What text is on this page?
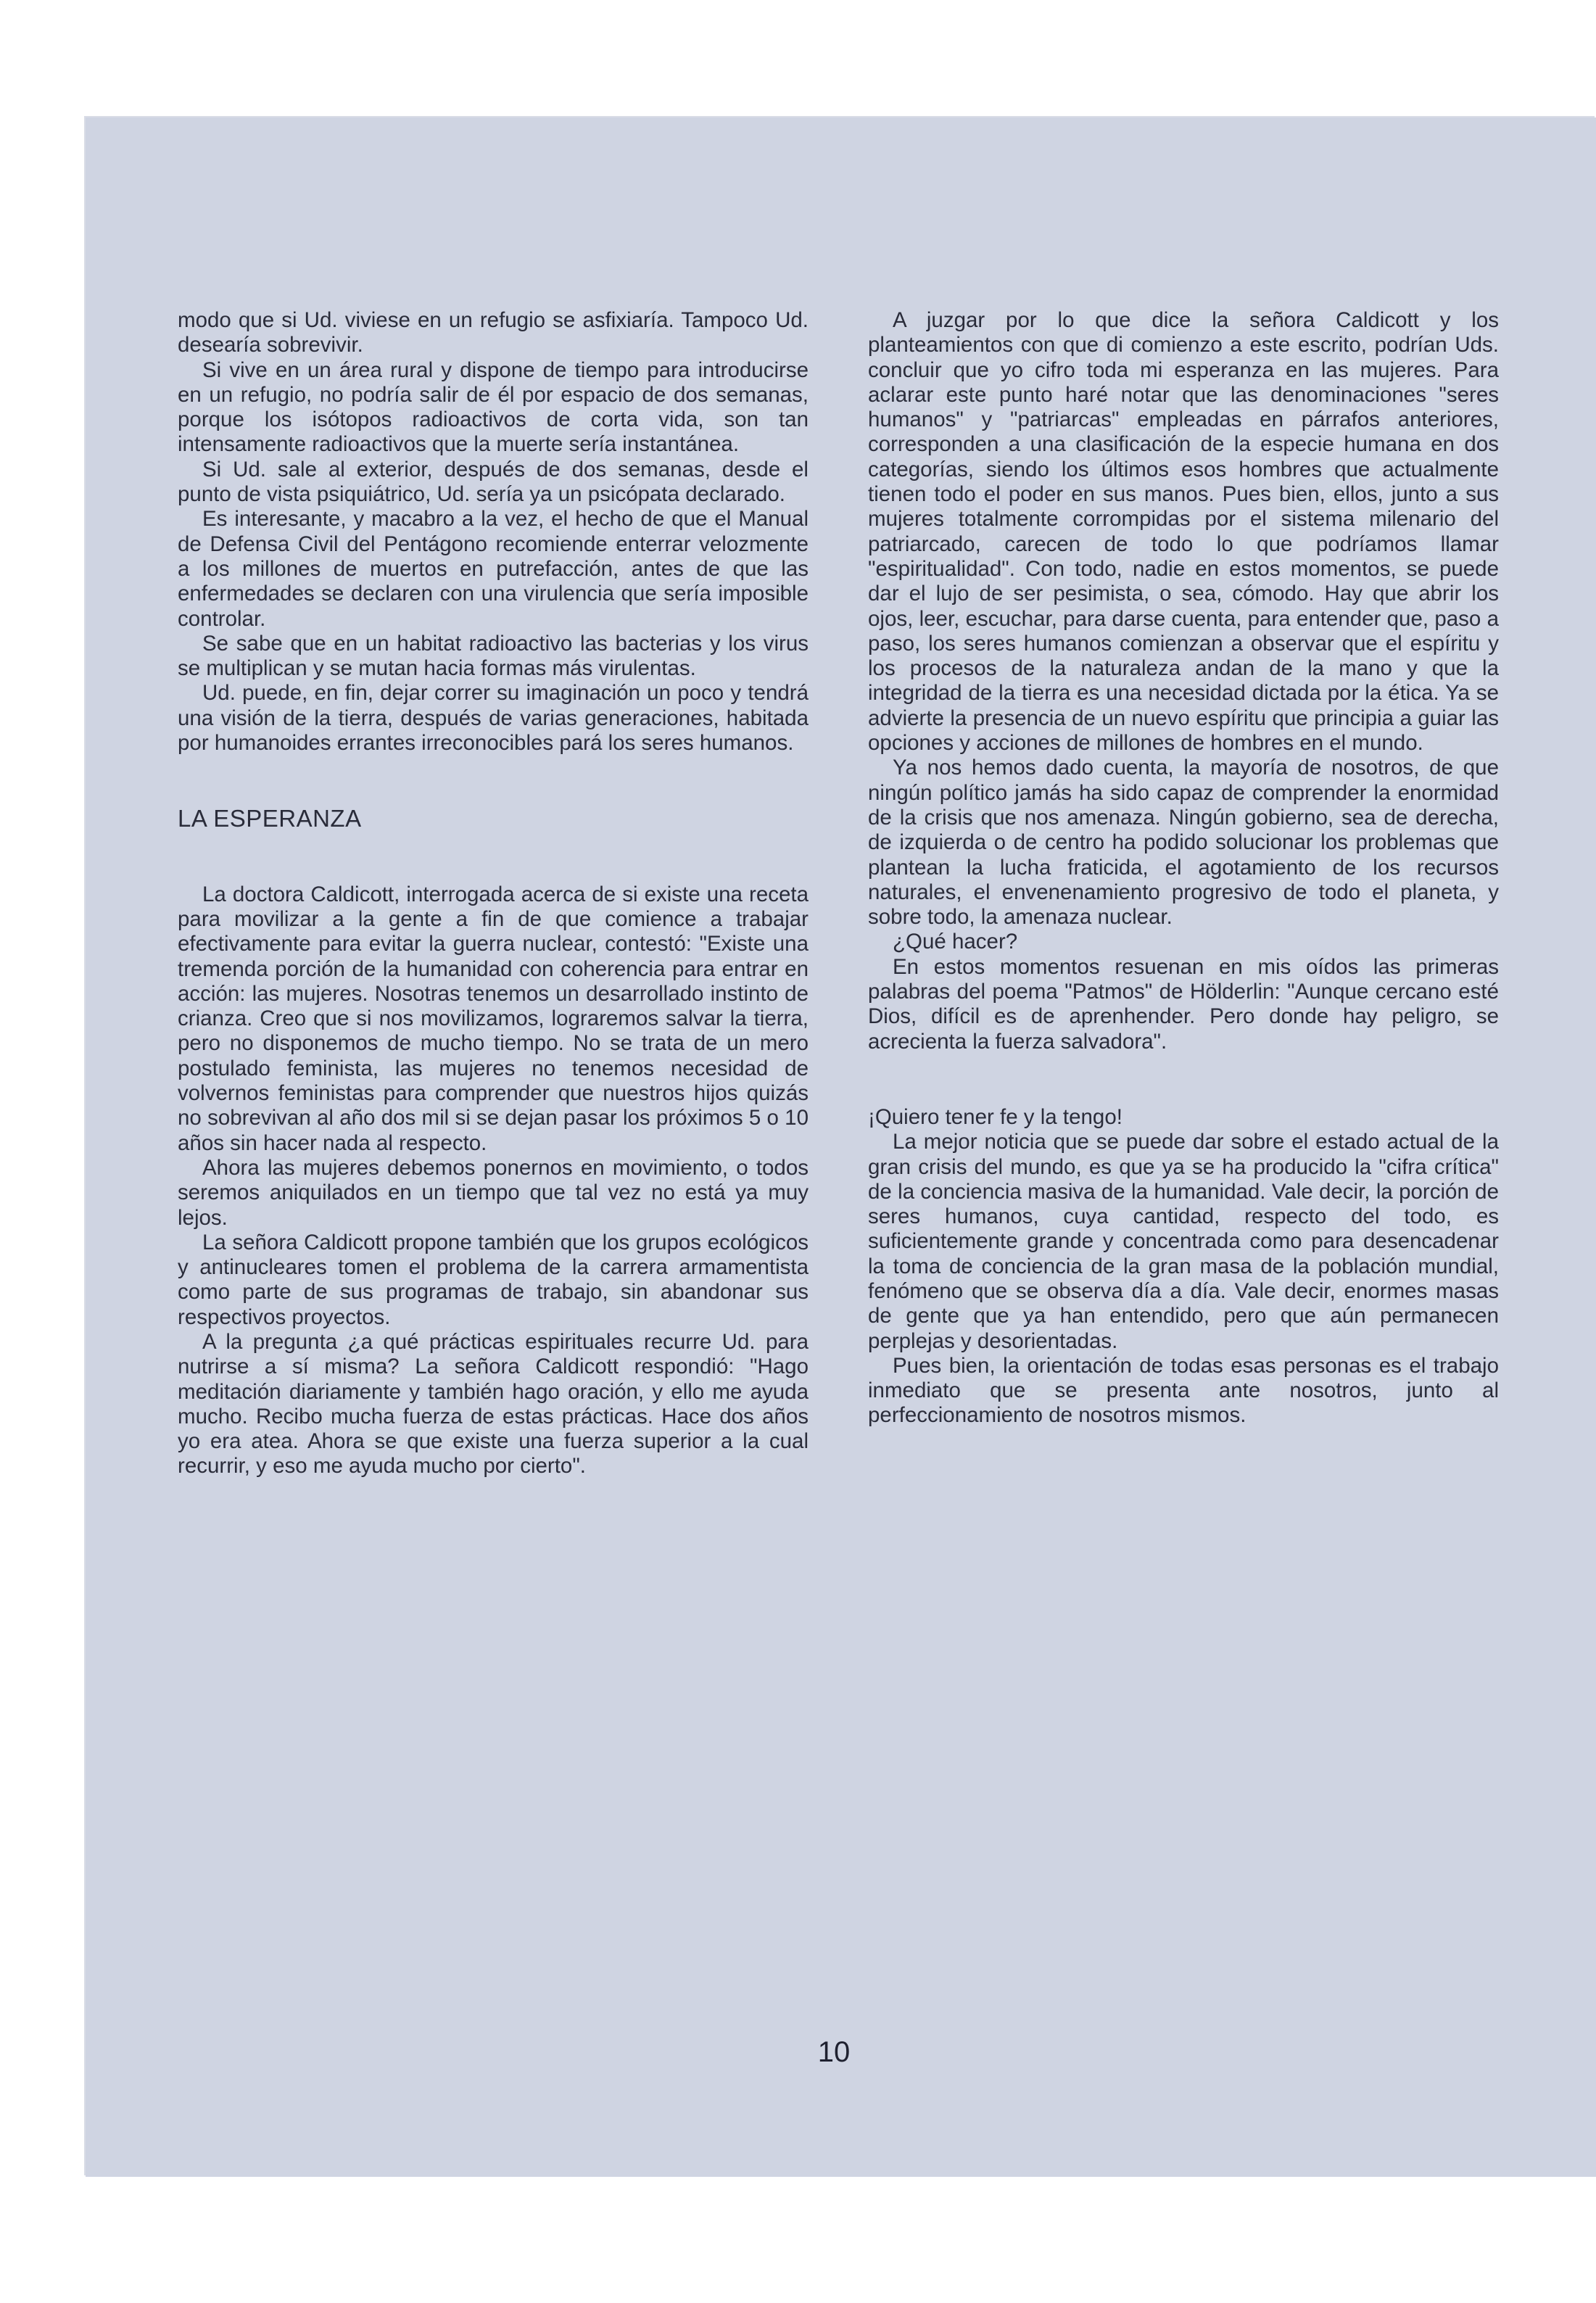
modo que si Ud. viviese en un refugio se asfixiaría. Tampoco Ud. desearía sobrevivir.

Si vive en un área rural y dispone de tiempo para introducirse en un refugio, no podría salir de él por espacio de dos semanas, porque los isótopos radioactivos de corta vida, son tan intensamente radioactivos que la muerte sería instantánea.

Si Ud. sale al exterior, después de dos semanas, desde el punto de vista psiquiátrico, Ud. sería ya un psicópata declarado.

Es interesante, y macabro a la vez, el hecho de que el Manual de Defensa Civil del Pentágono recomiende enterrar velozmente a los millones de muertos en putrefacción, antes de que las enfermedades se declaren con una virulencia que sería imposible controlar.

Se sabe que en un habitat radioactivo las bacterias y los virus se multiplican y se mutan hacia formas más virulentas.

Ud. puede, en fin, dejar correr su imaginación un poco y tendrá una visión de la tierra, después de varias generaciones, habitada por humanoides errantes irreconocibles pará los seres humanos.

LA ESPERANZA

La doctora Caldicott, interrogada acerca de si existe una receta para movilizar a la gente a fin de que comience a trabajar efectivamente para evitar la guerra nuclear, contestó: "Existe una tremenda porción de la humanidad con coherencia para entrar en acción: las mujeres. Nosotras tenemos un desarrollado instinto de crianza. Creo que si nos movilizamos, lograremos salvar la tierra, pero no disponemos de mucho tiempo. No se trata de un mero postulado feminista, las mujeres no tenemos necesidad de volvernos feministas para comprender que nuestros hijos quizás no sobrevivan al año dos mil si se dejan pasar los próximos 5 o 10 años sin hacer nada al respecto.

Ahora las mujeres debemos ponernos en movimiento, o todos seremos aniquilados en un tiempo que tal vez no está ya muy lejos.

La señora Caldicott propone también que los grupos ecológicos y antinucleares tomen el problema de la carrera armamentista como parte de sus programas de trabajo, sin abandonar sus respectivos proyectos.

A la pregunta ¿a qué prácticas espirituales recurre Ud. para nutrirse a sí misma? La señora Caldicott respondió: "Hago meditación diariamente y también hago oración, y ello me ayuda mucho. Recibo mucha fuerza de estas prácticas. Hace dos años yo era atea. Ahora se que existe una fuerza superior a la cual recurrir, y eso me ayuda mucho por cierto".

A juzgar por lo que dice la señora Caldicott y los planteamientos con que di comienzo a este escrito, podrían Uds. concluir que yo cifro toda mi esperanza en las mujeres. Para aclarar este punto haré notar que las denominaciones "seres humanos" y "patriarcas" empleadas en párrafos anteriores, corresponden a una clasificación de la especie humana en dos categorías, siendo los últimos esos hombres que actualmente tienen todo el poder en sus manos. Pues bien, ellos, junto a sus mujeres totalmente corrompidas por el sistema milenario del patriarcado, carecen de todo lo que podríamos llamar "espiritualidad". Con todo, nadie en estos momentos, se puede dar el lujo de ser pesimista, o sea, cómodo. Hay que abrir los ojos, leer, escuchar, para darse cuenta, para entender que, paso a paso, los seres humanos comienzan a observar que el espíritu y los procesos de la naturaleza andan de la mano y que la integridad de la tierra es una necesidad dictada por la ética. Ya se advierte la presencia de un nuevo espíritu que principia a guiar las opciones y acciones de millones de hombres en el mundo.

Ya nos hemos dado cuenta, la mayoría de nosotros, de que ningún político jamás ha sido capaz de comprender la enormidad de la crisis que nos amenaza. Ningún gobierno, sea de derecha, de izquierda o de centro ha podido solucionar los problemas que plantean la lucha fraticida, el agotamiento de los recursos naturales, el envenenamiento progresivo de todo el planeta, y sobre todo, la amenaza nuclear.

¿Qué hacer?

En estos momentos resuenan en mis oídos las primeras palabras del poema "Patmos" de Hölderlin: "Aunque cercano esté Dios, difícil es de aprenhender. Pero donde hay peligro, se acrecienta la fuerza salvadora".

¡Quiero tener fe y la tengo!

La mejor noticia que se puede dar sobre el estado actual de la gran crisis del mundo, es que ya se ha producido la "cifra crítica" de la conciencia masiva de la humanidad. Vale decir, la porción de seres humanos, cuya cantidad, respecto del todo, es suficientemente grande y concentrada como para desencadenar la toma de conciencia de la gran masa de la población mundial, fenómeno que se observa día a día. Vale decir, enormes masas de gente que ya han entendido, pero que aún permanecen perplejas y desorientadas.

Pues bien, la orientación de todas esas personas es el trabajo inmediato que se presenta ante nosotros, junto al perfeccionamiento de nosotros mismos.

10
